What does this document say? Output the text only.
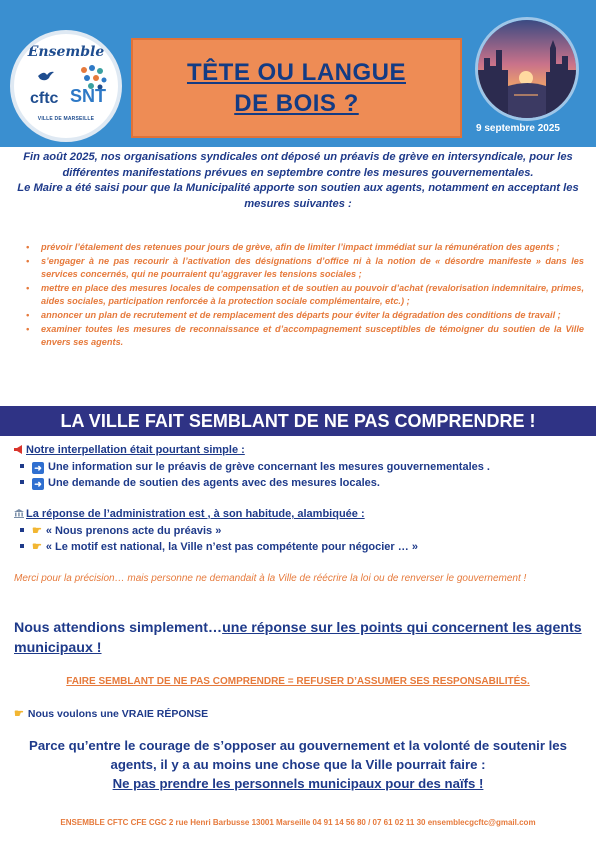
Ensemble
cftc SNT
VILLE DE MARSEILLE
TÊTE OU LANGUE
DE BOIS ?
9 septembre 2025
Fin août 2025, nos organisations syndicales ont déposé un préavis de grève en intersyndicale, pour les différentes manifestations prévues en septembre contre les mesures gouvernementales.
Le Maire a été saisi pour que la Municipalité apporte son soutien aux agents, notamment en acceptant les mesures suivantes :
• prévoir l’étalement des retenues pour jours de grève, afin de limiter l’impact immédiat sur la rémunération des agents ;
• s’engager à ne pas recourir à l’activation des désignations d’office ni à la notion de « désordre manifeste » dans les services concernés, qui ne pourraient qu’aggraver les tensions sociales ;
• mettre en place des mesures locales de compensation et de soutien au pouvoir d’achat (revalorisation indemnitaire, primes, aides sociales, participation renforcée à la protection sociale complémentaire, etc.) ;
• annoncer un plan de recrutement et de remplacement des départs pour éviter la dégradation des conditions de travail ;
• examiner toutes les mesures de reconnaissance et d’accompagnement susceptibles de témoigner du soutien de la Ville envers ses agents.
LA VILLE FAIT SEMBLANT DE NE PAS COMPRENDRE !
Notre interpellation était pourtant simple :
➜ Une information sur le préavis de grève concernant les mesures gouvernementales .
➜ Une demande de soutien des agents avec des mesures locales.
La réponse de l’administration est , à son habitude, alambiquée :
☛ « Nous prenons acte du préavis »
☛ « Le motif est national, la Ville n’est pas compétente pour négocier … »
Merci pour la précision… mais personne ne demandait à la Ville de réécrire la loi ou de renverser le gouvernement !
Nous attendions simplement…une réponse sur les points qui concernent les agents municipaux !
FAIRE SEMBLANT DE NE PAS COMPRENDRE = REFUSER D’ASSUMER SES RESPONSABILITÉS.
☛ Nous voulons une VRAIE RÉPONSE
Parce qu’entre le courage de s’opposer au gouvernement et la volonté de soutenir les agents, il y a au moins une chose que la Ville pourrait faire :
Ne pas prendre les personnels municipaux pour des naïfs !
ENSEMBLE CFTC CFE CGC 2 rue Henri Barbusse 13001 Marseille 04 91 14 56 80 / 07 61 02 11 30 ensemblecgcftc@gmail.com
